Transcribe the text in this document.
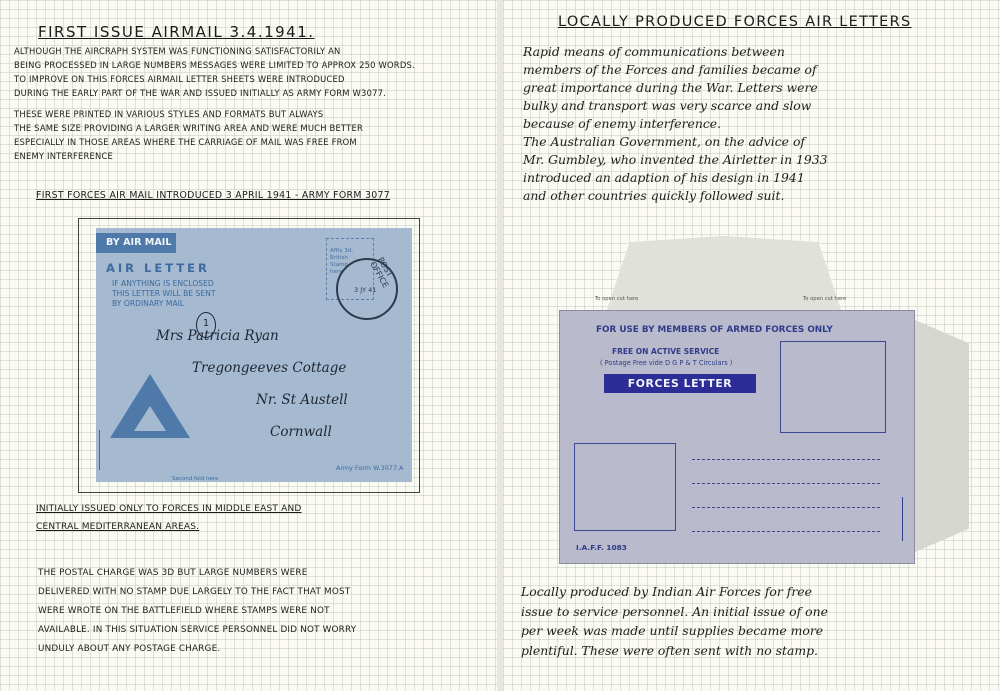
FIRST ISSUE AIRMAIL 3.4.1941.
ALTHOUGH THE AIRCRAPH SYSTEM WAS FUNCTIONING SATISFACTORILY AN
BEING PROCESSED IN LARGE NUMBERS MESSAGES WERE LIMITED TO APPROX 250 WORDS.
TO IMPROVE ON THIS FORCES AIRMAIL LETTER SHEETS WERE INTRODUCED
DURING THE EARLY PART OF THE WAR AND ISSUED INITIALLY AS ARMY FORM W3077.
THESE WERE PRINTED IN VARIOUS STYLES AND FORMATS BUT ALWAYS
THE SAME SIZE PROVIDING A LARGER WRITING AREA AND WERE MUCH BETTER
ESPECIALLY IN THOSE AREAS WHERE THE CARRIAGE OF MAIL WAS FREE FROM
ENEMY INTERFERENCE
FIRST FORCES AIR MAIL INTRODUCED 3 APRIL 1941 - ARMY FORM 3077
BY AIR MAIL
AIR LETTER
IF ANYTHING IS ENCLOSED
THIS LETTER WILL BE SENT
BY ORDINARY MAIL
Affix 3d.
British
Stamp
here	POST OFFICE
3 JY 41
1
Mrs Patricia Ryan
Tregongeeves Cottage
Nr. St Austell
Cornwall
Army Form W.3077.A
Second fold here
INITIALLY ISSUED ONLY TO FORCES IN MIDDLE EAST AND
CENTRAL MEDITERRANEAN AREAS.
THE POSTAL CHARGE WAS 3D BUT LARGE NUMBERS WERE
DELIVERED WITH NO STAMP DUE LARGELY TO THE FACT THAT MOST
WERE WROTE ON THE BATTLEFIELD WHERE STAMPS WERE NOT
AVAILABLE. IN THIS SITUATION SERVICE PERSONNEL DID NOT WORRY
UNDULY ABOUT ANY POSTAGE CHARGE.
LOCALLY PRODUCED FORCES AIR LETTERS
Rapid means of communications between
members of the Forces and families became of
great importance during the War. Letters were
bulky and transport was very scarce and slow
because of enemy interference.
The Australian Government, on the advice of
Mr. Gumbley, who invented the Airletter in 1933
introduced an adaption of his design in 1941
and other countries quickly followed suit.
To open cut here	To open cut here
FOR USE BY MEMBERS OF ARMED FORCES ONLY
FREE ON ACTIVE SERVICE
( Postage Free vide D G P & T Circulars )
FORCES LETTER
I.A.F.F. 1083
Locally produced by Indian Air Forces for free
issue to service personnel. An initial issue of one
per week was made until supplies became more
plentiful. These were often sent with no stamp.
